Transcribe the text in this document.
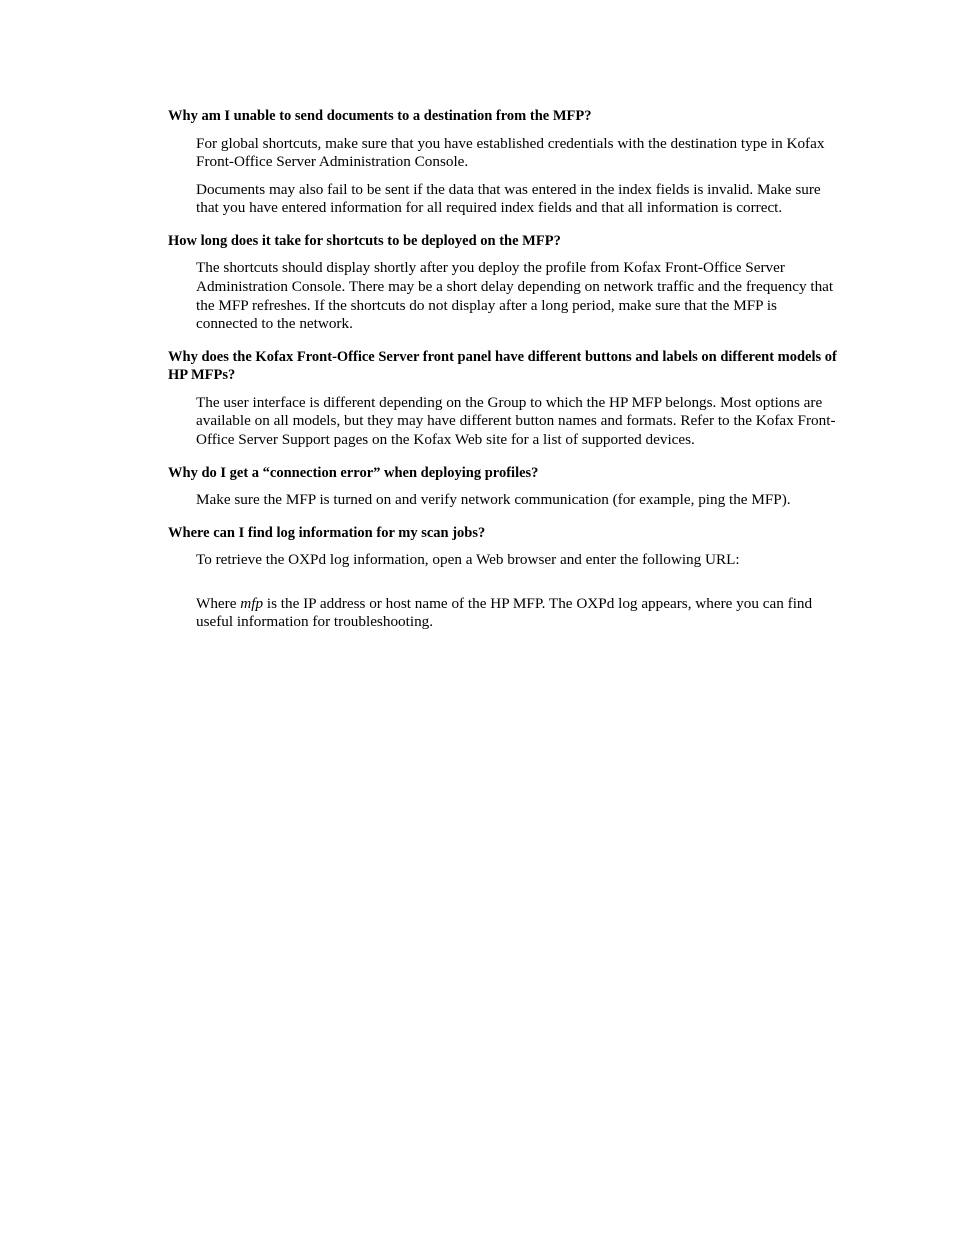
Why am I unable to send documents to a destination from the MFP?

For global shortcuts, make sure that you have established credentials with the destination type in Kofax Front-Office Server Administration Console.

Documents may also fail to be sent if the data that was entered in the index fields is invalid. Make sure that you have entered information for all required index fields and that all information is correct.

How long does it take for shortcuts to be deployed on the MFP?

The shortcuts should display shortly after you deploy the profile from Kofax Front-Office Server Administration Console. There may be a short delay depending on network traffic and the frequency that the MFP refreshes. If the shortcuts do not display after a long period, make sure that the MFP is connected to the network.

Why does the Kofax Front-Office Server front panel have different buttons and labels on different models of HP MFPs?

The user interface is different depending on the Group to which the HP MFP belongs. Most options are available on all models, but they may have different button names and formats. Refer to the Kofax Front-Office Server Support pages on the Kofax Web site for a list of supported devices.

Why do I get a “connection error” when deploying profiles?

Make sure the MFP is turned on and verify network communication (for example, ping the MFP).

Where can I find log information for my scan jobs?

To retrieve the OXPd log information, open a Web browser and enter the following URL:

Where mfp is the IP address or host name of the HP MFP. The OXPd log appears, where you can find useful information for troubleshooting.
